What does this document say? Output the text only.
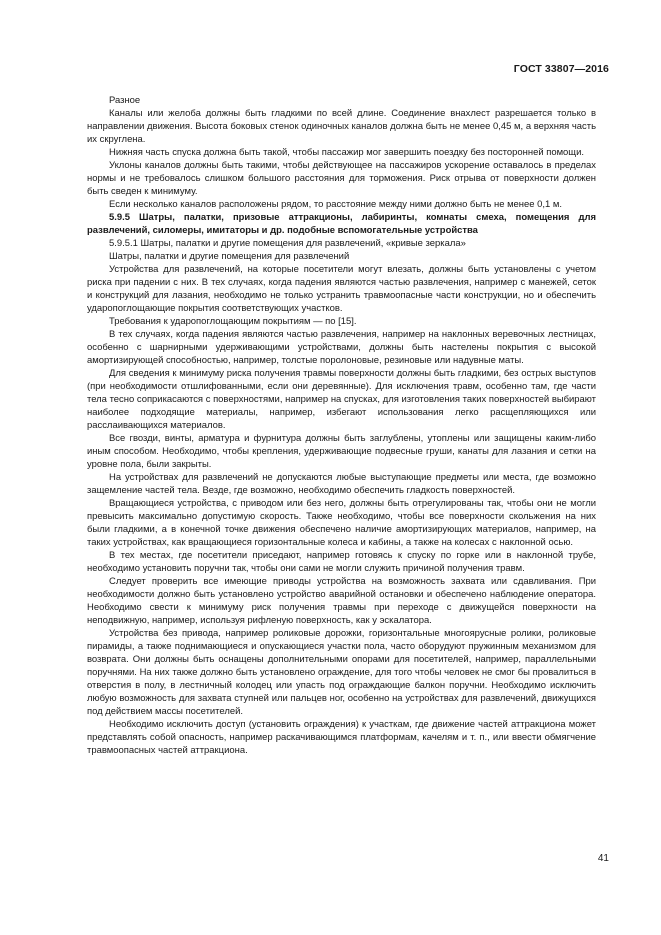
ГОСТ 33807—2016

Разное

Каналы или желоба должны быть гладкими по всей длине. Соединение внахлест разрешается только в направлении движения. Высота боковых стенок одиночных каналов должна быть не менее 0,45 м, а верхняя часть их скруглена.

Нижняя часть спуска должна быть такой, чтобы пассажир мог завершить поездку без посторонней помощи.

Уклоны каналов должны быть такими, чтобы действующее на пассажиров ускорение оставалось в пределах нормы и не требовалось слишком большого расстояния для торможения. Риск отрыва от поверхности должен быть сведен к минимуму.

Если несколько каналов расположены рядом, то расстояние между ними должно быть не менее 0,1 м.

5.9.5 Шатры, палатки, призовые аттракционы, лабиринты, комнаты смеха, помещения для развлечений, силомеры, имитаторы и др. подобные вспомогательные устройства

5.9.5.1 Шатры, палатки и другие помещения для развлечений, «кривые зеркала»

Шатры, палатки и другие помещения для развлечений

Устройства для развлечений, на которые посетители могут влезать, должны быть установлены с учетом риска при падении с них. В тех случаях, когда падения являются частью развлечения, например с манежей, сеток и конструкций для лазания, необходимо не только устранить травмоопасные части конструкции, но и обеспечить ударопоглощающие покрытия соответствующих участков.

Требования к ударопоглощающим покрытиям — по [15].

В тех случаях, когда падения являются частью развлечения, например на наклонных веревочных лестницах, особенно с шарнирными удерживающими устройствами, должны быть настелены покрытия с высокой амортизирующей способностью, например, толстые поролоновые, резиновые или надувные маты.

Для сведения к минимуму риска получения травмы поверхности должны быть гладкими, без острых выступов (при необходимости отшлифованными, если они деревянные). Для исключения травм, особенно там, где части тела тесно соприкасаются с поверхностями, например на спусках, для изготовления таких поверхностей выбирают наиболее подходящие материалы, например, избегают использования легко расщепляющихся или расслаивающихся материалов.

Все гвозди, винты, арматура и фурнитура должны быть заглублены, утоплены или защищены каким-либо иным способом. Необходимо, чтобы крепления, удерживающие подвесные груши, канаты для лазания и сетки на уровне пола, были закрыты.

На устройствах для развлечений не допускаются любые выступающие предметы или места, где возможно защемление частей тела. Везде, где возможно, необходимо обеспечить гладкость поверхностей.

Вращающиеся устройства, с приводом или без него, должны быть отрегулированы так, чтобы они не могли превысить максимально допустимую скорость. Также необходимо, чтобы все поверхности скольжения на них были гладкими, а в конечной точке движения обеспечено наличие амортизирующих материалов, например, на таких устройствах, как вращающиеся горизонтальные колеса и кабины, а также на колесах с наклонной осью.

В тех местах, где посетители приседают, например готовясь к спуску по горке или в наклонной трубе, необходимо установить поручни так, чтобы они сами не могли служить причиной получения травм.

Следует проверить все имеющие приводы устройства на возможность захвата или сдавливания. При необходимости должно быть установлено устройство аварийной остановки и обеспечено наблюдение оператора. Необходимо свести к минимуму риск получения травмы при переходе с движущейся поверхности на неподвижную, например, используя рифленую поверхность, как у эскалатора.

Устройства без привода, например роликовые дорожки, горизонтальные многоярусные ролики, роликовые пирамиды, а также поднимающиеся и опускающиеся участки пола, часто оборудуют пружинным механизмом для возврата. Они должны быть оснащены дополнительными опорами для посетителей, например, параллельными поручнями. На них также должно быть установлено ограждение, для того чтобы человек не смог бы провалиться в отверстия в полу, в лестничный колодец или упасть под ограждающие балкон поручни. Необходимо исключить любую возможность для захвата ступней или пальцев ног, особенно на устройствах для развлечений, движущихся под действием массы посетителей.

Необходимо исключить доступ (установить ограждения) к участкам, где движение частей аттракциона может представлять собой опасность, например раскачивающимся платформам, качелям и т. п., или ввести обмягчение травмоопасных частей аттракциона.

41
